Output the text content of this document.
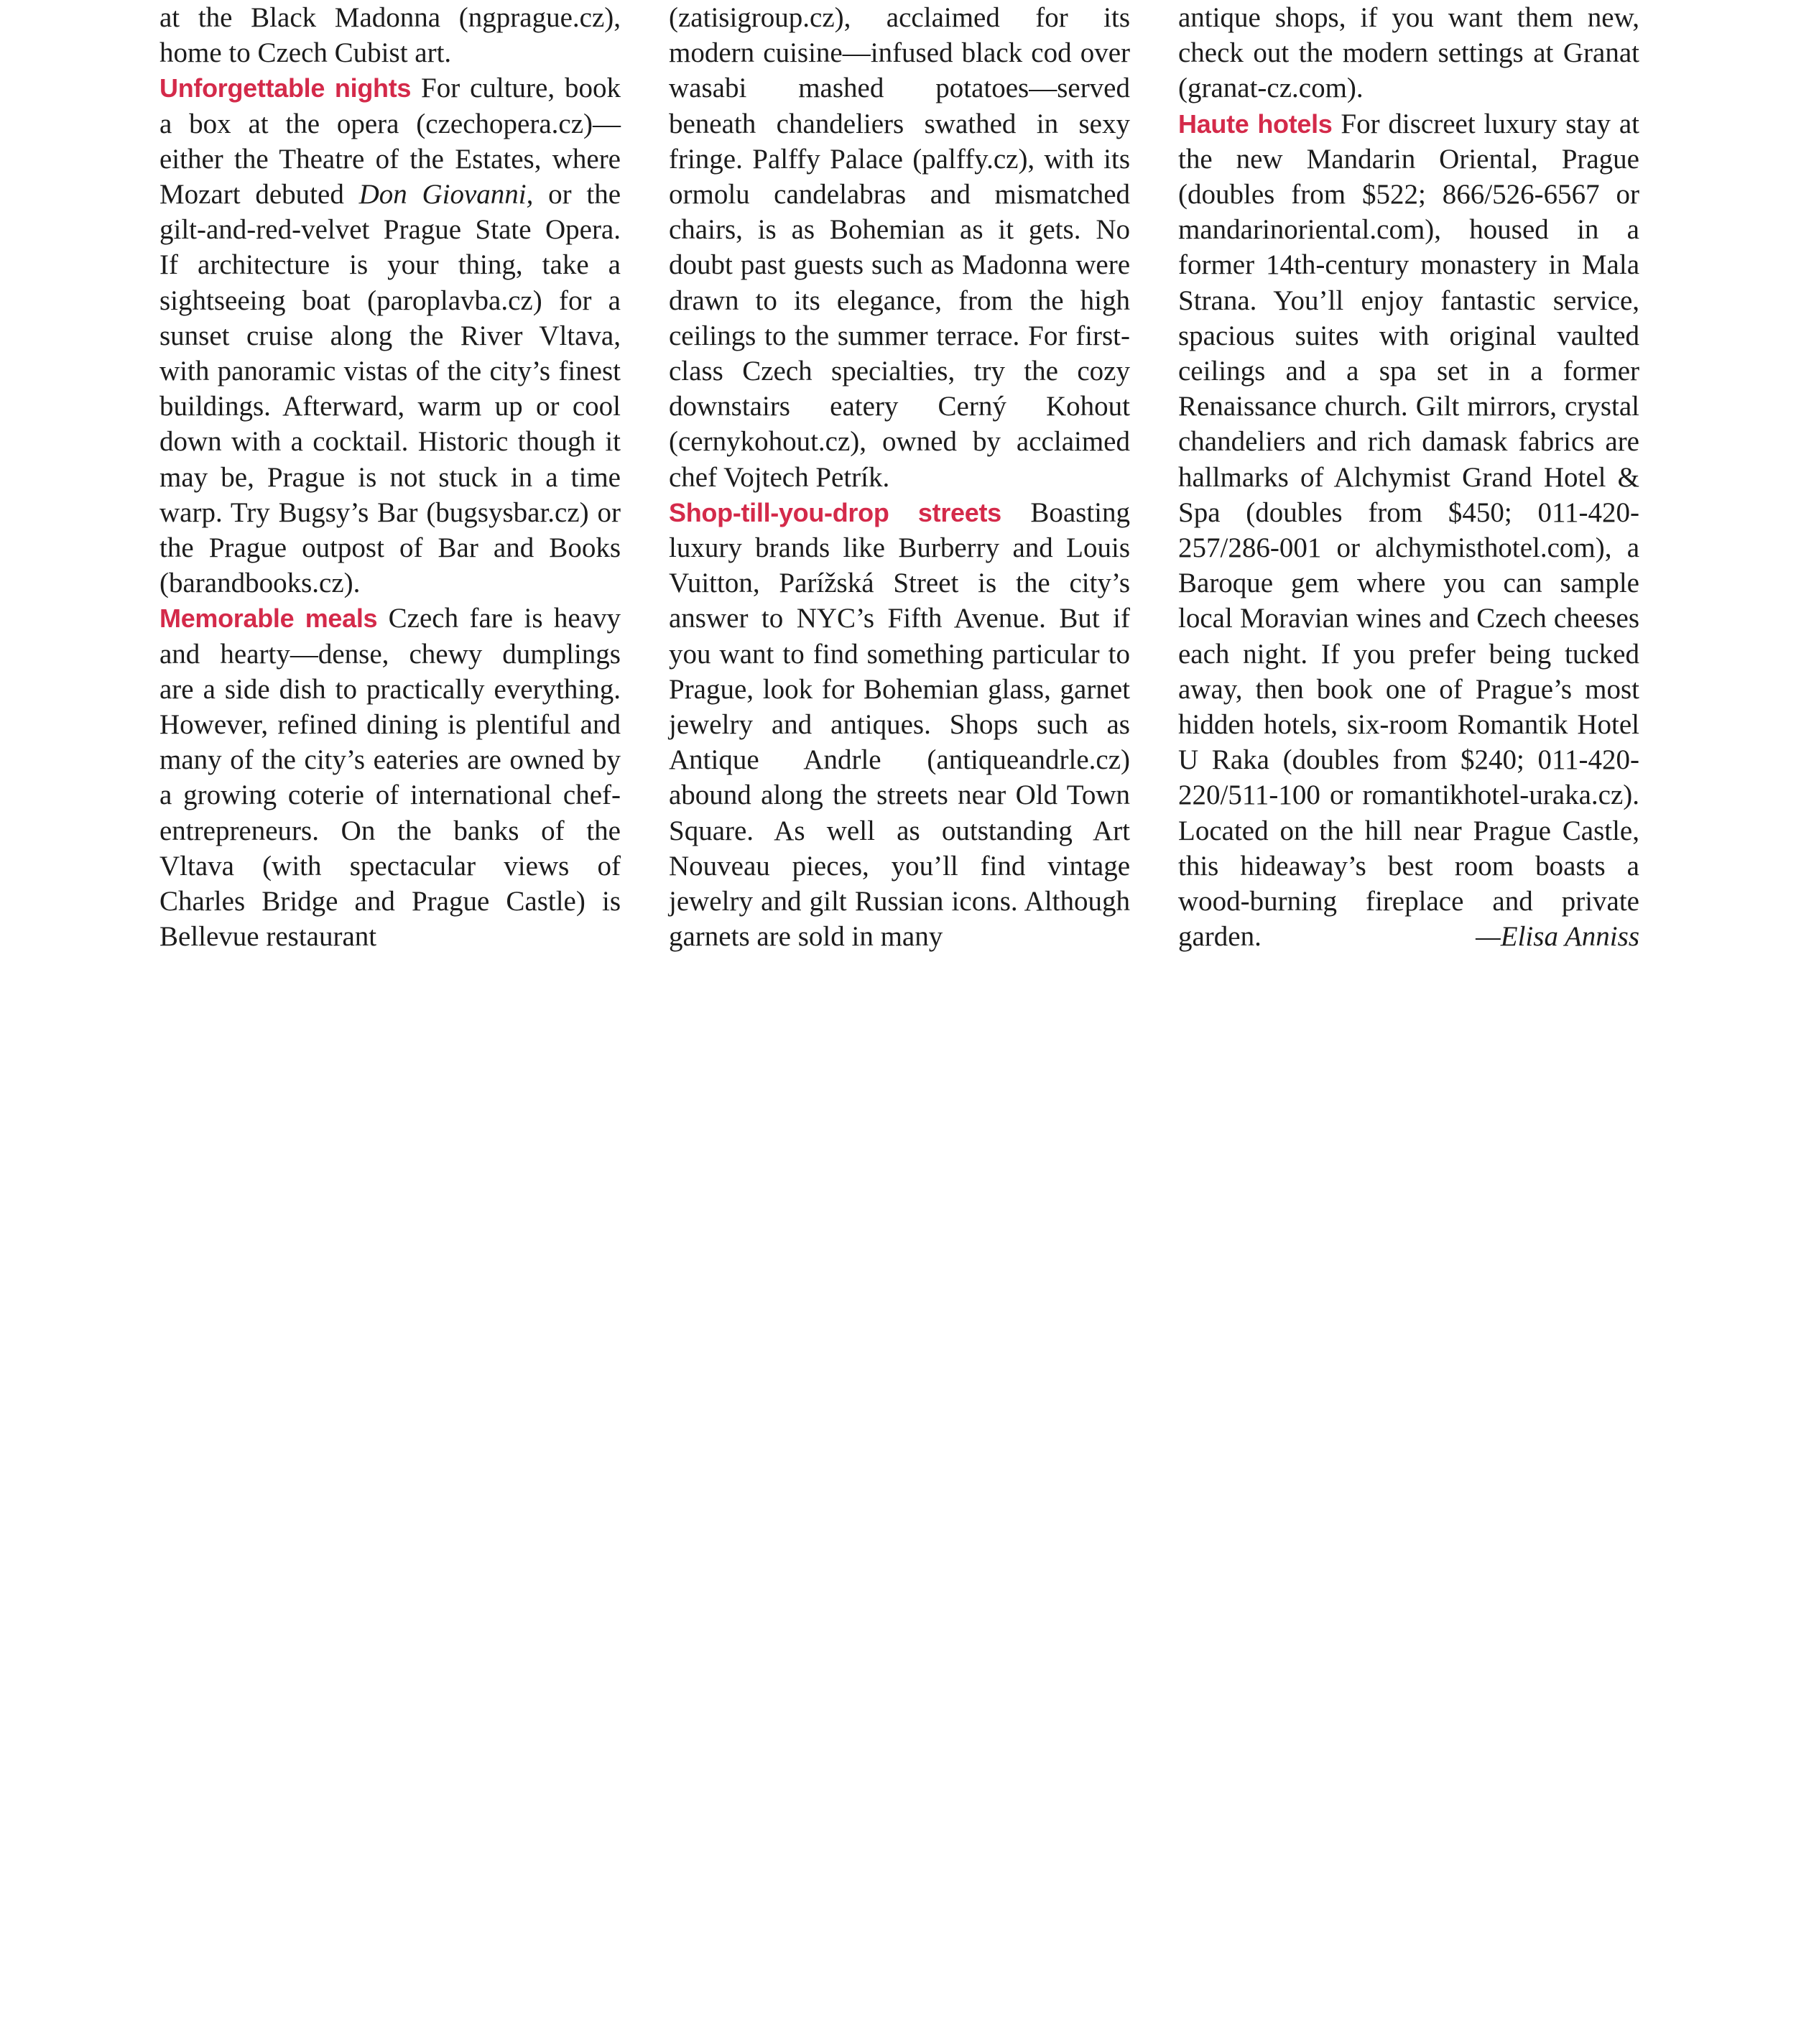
at the Black Madonna (ngprague.cz), home to Czech Cubist art.

Unforgettable nights For culture, book a box at the opera (czechopera.cz)—either the Theatre of the Estates, where Mozart debuted Don Giovanni, or the gilt-and-red-velvet Prague State Opera. If architecture is your thing, take a sightseeing boat (paroplavba.cz) for a sunset cruise along the River Vltava, with panoramic vistas of the city’s finest buildings. Afterward, warm up or cool down with a cocktail. Historic though it may be, Prague is not stuck in a time warp. Try Bugsy’s Bar (bugsysbar.cz) or the Prague outpost of Bar and Books (barandbooks.cz).

Memorable meals Czech fare is heavy and hearty—dense, chewy dumplings are a side dish to practically everything. However, refined dining is plentiful and many of the city’s eateries are owned by a growing coterie of international chef-entrepreneurs. On the banks of the Vltava (with spectacular views of Charles Bridge and Prague Castle) is Bellevue restaurant

(zatisigroup.cz), acclaimed for its modern cuisine—infused black cod over wasabi mashed potatoes—served beneath chandeliers swathed in sexy fringe. Palffy Palace (palffy.cz), with its ormolu candelabras and mismatched chairs, is as Bohemian as it gets. No doubt past guests such as Madonna were drawn to its elegance, from the high ceilings to the summer terrace. For first-class Czech specialties, try the cozy downstairs eatery Cerný Kohout (cernykohout.cz), owned by acclaimed chef Vojtech Petrík.

Shop-till-you-drop streets Boasting luxury brands like Burberry and Louis Vuitton, Parížská Street is the city’s answer to NYC’s Fifth Avenue. But if you want to find something particular to Prague, look for Bohemian glass, garnet jewelry and antiques. Shops such as Antique Andrle (antiqueandrle​.cz) abound along the streets near Old Town Square. As well as outstanding Art Nouveau pieces, you’ll find vintage jewelry and gilt Russian icons. Although garnets are sold in many

antique shops, if you want them new, check out the modern settings at Granat (granat-cz.com).

Haute hotels For discreet luxury stay at the new Mandarin Oriental, Prague (doubles from $522; 866/526-6567 or mandarinoriental.com), housed in a former 14th-century monastery in Mala Strana. You’ll enjoy fantastic service, spacious suites with original vaulted ceilings and a spa set in a former Renaissance church. Gilt mirrors, crystal chandeliers and rich damask fabrics are hallmarks of Alchymist Grand Hotel & Spa (doubles from $450; 011-420-257/286-001 or alchymist​hotel.com), a Baroque gem where you can sample local Moravian wines and Czech cheeses each night. If you prefer being tucked away, then book one of Prague’s most hidden hotels, six-room Romantik Hotel U Raka (doubles from $240; 011-420-220/511-100 or romantik​hotel-uraka.cz). Located on the hill near Prague Castle, this hideaway’s best room boasts a wood-burning fireplace and private garden.	—Elisa Anniss
